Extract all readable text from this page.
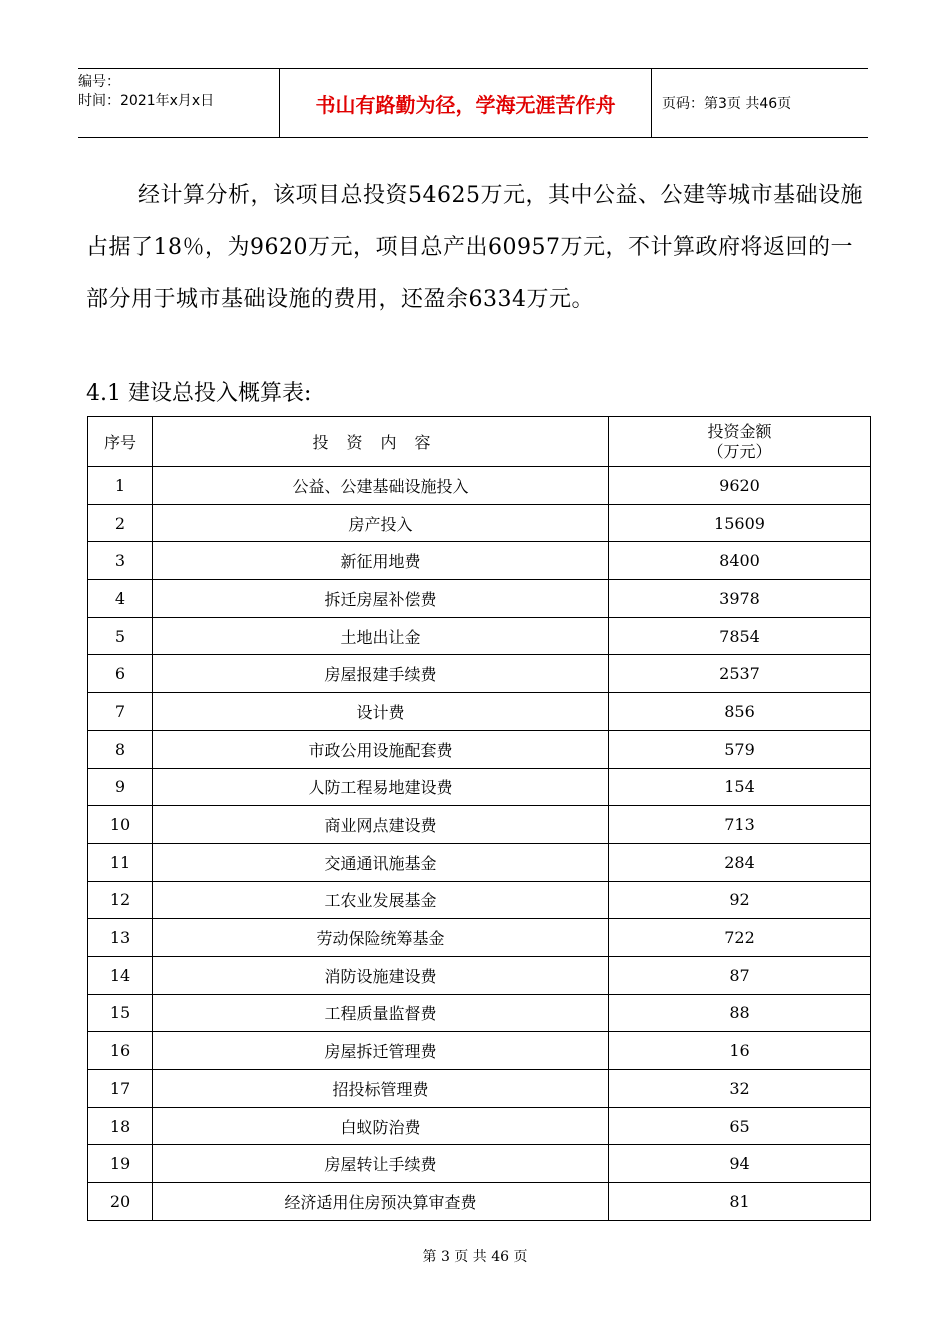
编号：
时间：2021年x月x日	书山有路勤为径，学海无涯苦作舟	页码：第3页 共46页
经计算分析，该项目总投资54625万元，其中公益、公建等城市基础设施占据了18％，为9620万元，项目总产出60957万元，不计算政府将返回的一部分用于城市基础设施的费用，还盈余6334万元。
4.1 建设总投入概算表:
序号	投资内容	投资金额
（万元）

1	公益、公建基础设施投入	9620
2	房产投入	15609
3	新征用地费	8400
4	拆迁房屋补偿费	3978
5	土地出让金	7854
6	房屋报建手续费	2537
7	设计费	856
8	市政公用设施配套费	579
9	人防工程易地建设费	154
10	商业网点建设费	713
11	交通通讯施基金	284
12	工农业发展基金	92
13	劳动保险统筹基金	722
14	消防设施建设费	87
15	工程质量监督费	88
16	房屋拆迁管理费	16
17	招投标管理费	32
18	白蚁防治费	65
19	房屋转让手续费	94
20	经济适用住房预决算审查费	81
第 3 页 共 46 页
